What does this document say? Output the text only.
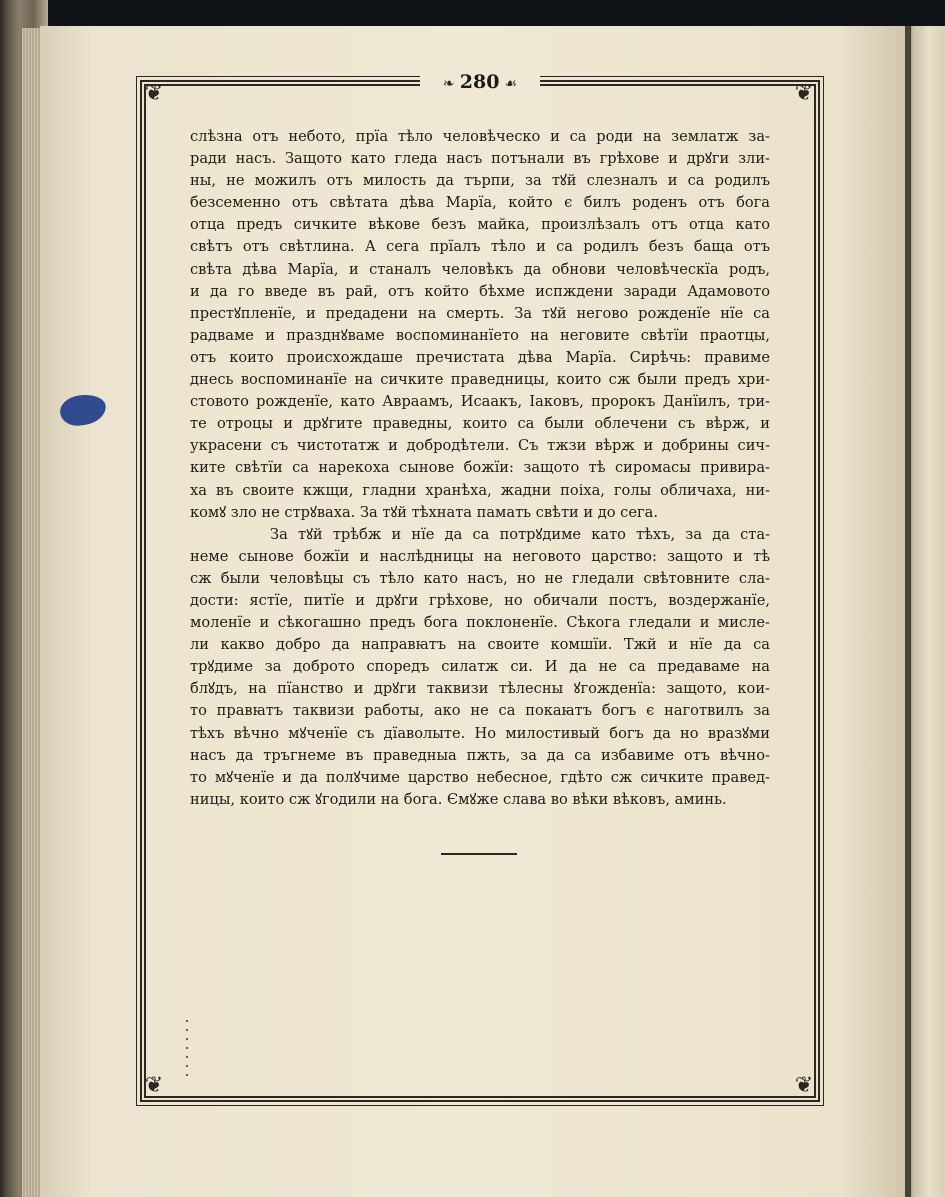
❦	❦
❦	❦
❧ 280 ☙
слѣзна отъ небото, прїа тѣло человѣческо и са роди на землатж за-
ради насъ. Защото като гледа насъ потънали въ грѣхове и дрꙋги зли-
ны, не можилъ отъ милость да търпи, за тꙋй слезналъ и са родилъ
безсеменно отъ свѣтата дѣва Марїа, който є билъ роденъ отъ бога
отца предъ сичките вѣкове безъ майка, произлѣзалъ отъ отца като
свѣтъ отъ свѣтлина. А сега прїалъ тѣло и са родилъ безъ баща отъ
свѣта дѣва Марїа, и станалъ человѣкъ да обнови человѣческїа родъ,
и да го введе въ рай, отъ който бѣхме испждени заради Адамовото
престꙋпленїе, и предадени на смерть. За тꙋй негово рожденїе нїе са
радвамe и празднꙋваме воспоминанїето на неговите свѣтїи праотцы,
отъ които происхождаше пречистата дѣва Марїа. Сирѣчь: правиме
днесь воспоминанїе на сичките праведницы, които сж были предъ хри-
стовото рожденїе, като Авраамъ, Исаакъ, Іаковъ, пророкъ Данїилъ, три-
те отроцы и дрꙋгите праведны, които са были облечени съ вѣрж, и
украсени съ чистотатж и добродѣтели. Съ тжзи вѣрж и добрины сич-
ките свѣтїи са нарекоха сынове божїи: защото тѣ сиромасы привира-
ха въ своите кжщи, гладни хранѣха, жадни поіха, голы обличаха, ни-
комꙋ зло не стрꙋваха. За тꙋй тѣхната памать свѣти и до сега.
За тꙋй трѣбж и нїе да са потрꙋдиме като тѣхъ, за да ста-
неме сынове божїи и наслѣдницы на неговото царство: защото и тѣ
сж были человѣцы съ тѣло като насъ, но не гледали свѣтовните сла-
дости: ястїе, питїе и дрꙋги грѣхове, но обичали постъ, воздержанїе,
моленїе и сѣкогашно предъ бога поклоненїе. Сѣкога гледали и мисле-
ли какво добро да направꙗтъ на своите комшїи. Тжй и нїе да са
трꙋдиме за доброто споредъ силатж си. И да не са предаваме на
блꙋдъ, на пїанство и дрꙋги таквизи тѣлесны ꙋгожденїа: защото, кои-
то правꙗтъ таквизи работы, ако не са покаꙗтъ богъ є наготвилъ за
тѣхъ вѣчно мꙋченїе съ дїаволыте. Но милостивый богъ да но вразꙋми
насъ да тръгнеме въ праведныа пжть, за да са избавиме отъ вѣчно-
то мꙋченїе и да полꙋчиме царство небесное, гдѣто сж сичките правед-
ницы, които сж ꙋгодили на бога. Ємꙋже слава во вѣки вѣковъ, аминь.
